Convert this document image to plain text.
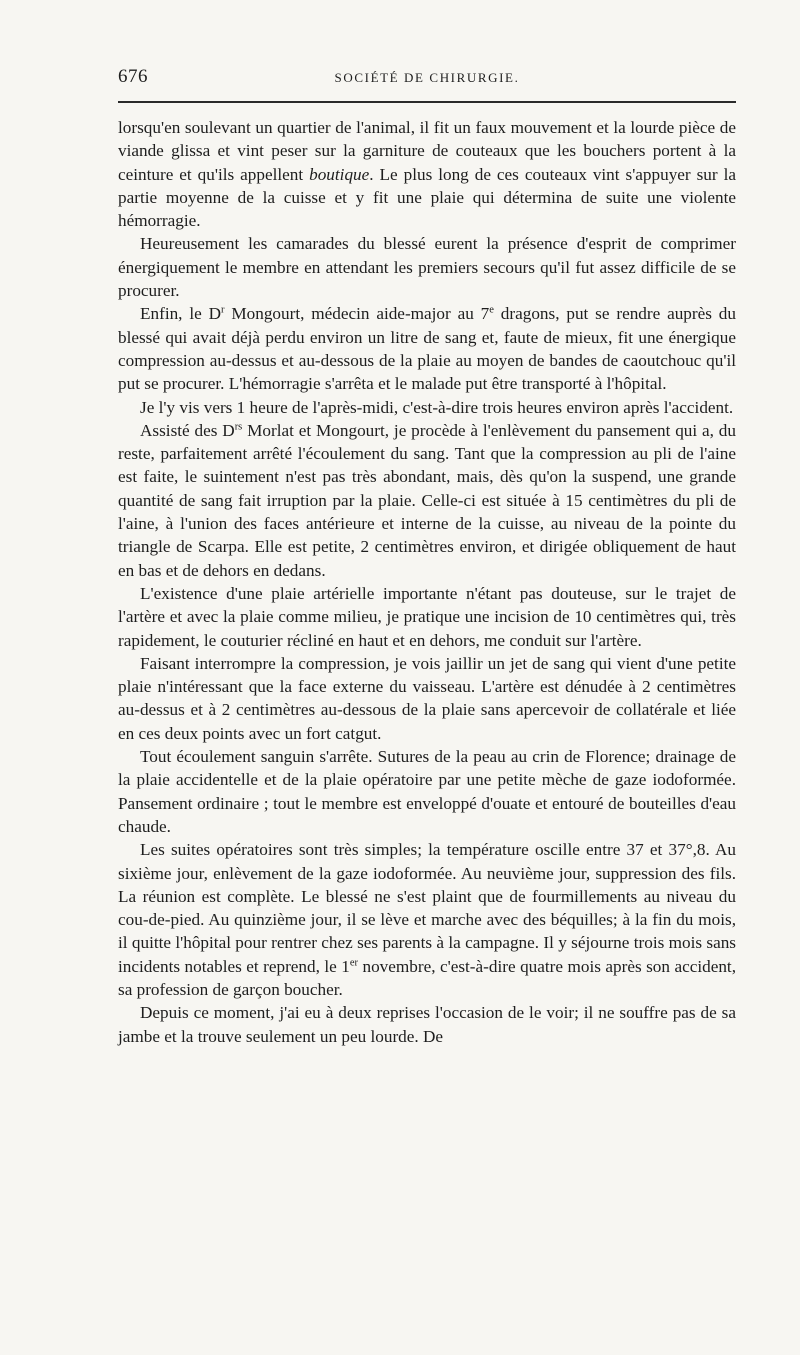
676	SOCIÉTÉ DE CHIRURGIE.

lorsqu'en soulevant un quartier de l'animal, il fit un faux mouvement et la lourde pièce de viande glissa et vint peser sur la garniture de couteaux que les bouchers portent à la ceinture et qu'ils appellent boutique. Le plus long de ces couteaux vint s'appuyer sur la partie moyenne de la cuisse et y fit une plaie qui détermina de suite une violente hémorragie.

Heureusement les camarades du blessé eurent la présence d'esprit de comprimer énergiquement le membre en attendant les premiers secours qu'il fut assez difficile de se procurer.

Enfin, le $D^r$ Mongourt, médecin aide-major au 7e dragons, put se rendre auprès du blessé qui avait déjà perdu environ un litre de sang et, faute de mieux, fit une énergique compression au-dessus et au-dessous de la plaie au moyen de bandes de caoutchouc qu'il put se procurer. L'hémorragie s'arrêta et le malade put être transporté à l'hôpital.

Je l'y vis vers 1 heure de l'après-midi, c'est-à-dire trois heures environ après l'accident.

Assisté des $D^{rs}$ Morlat et Mongourt, je procède à l'enlèvement du pansement qui a, du reste, parfaitement arrêté l'écoulement du sang. Tant que la compression au pli de l'aine est faite, le suintement n'est pas très abondant, mais, dès qu'on la suspend, une grande quantité de sang fait irruption par la plaie. Celle-ci est située à 15 centimètres du pli de l'aine, à l'union des faces antérieure et interne de la cuisse, au niveau de la pointe du triangle de Scarpa. Elle est petite, 2 centimètres environ, et dirigée obliquement de haut en bas et de dehors en dedans.

L'existence d'une plaie artérielle importante n'étant pas douteuse, sur le trajet de l'artère et avec la plaie comme milieu, je pratique une incision de 10 centimètres qui, très rapidement, le couturier récliné en haut et en dehors, me conduit sur l'artère.

Faisant interrompre la compression, je vois jaillir un jet de sang qui vient d'une petite plaie n'intéressant que la face externe du vaisseau. L'artère est dénudée à 2 centimètres au-dessus et à 2 centimètres au-dessous de la plaie sans apercevoir de collatérale et liée en ces deux points avec un fort catgut.

Tout écoulement sanguin s'arrête. Sutures de la peau au crin de Florence; drainage de la plaie accidentelle et de la plaie opératoire par une petite mèche de gaze iodoformée. Pansement ordinaire ; tout le membre est enveloppé d'ouate et entouré de bouteilles d'eau chaude.

Les suites opératoires sont très simples; la température oscille entre 37 et 37°,8. Au sixième jour, enlèvement de la gaze iodoformée. Au neuvième jour, suppression des fils. La réunion est complète. Le blessé ne s'est plaint que de fourmillements au niveau du cou-de-pied. Au quinzième jour, il se lève et marche avec des béquilles; à la fin du mois, il quitte l'hôpital pour rentrer chez ses parents à la campagne. Il y séjourne trois mois sans incidents notables et reprend, le 1er novembre, c'est-à-dire quatre mois après son accident, sa profession de garçon boucher.

Depuis ce moment, j'ai eu à deux reprises l'occasion de le voir; il ne souffre pas de sa jambe et la trouve seulement un peu lourde. De
